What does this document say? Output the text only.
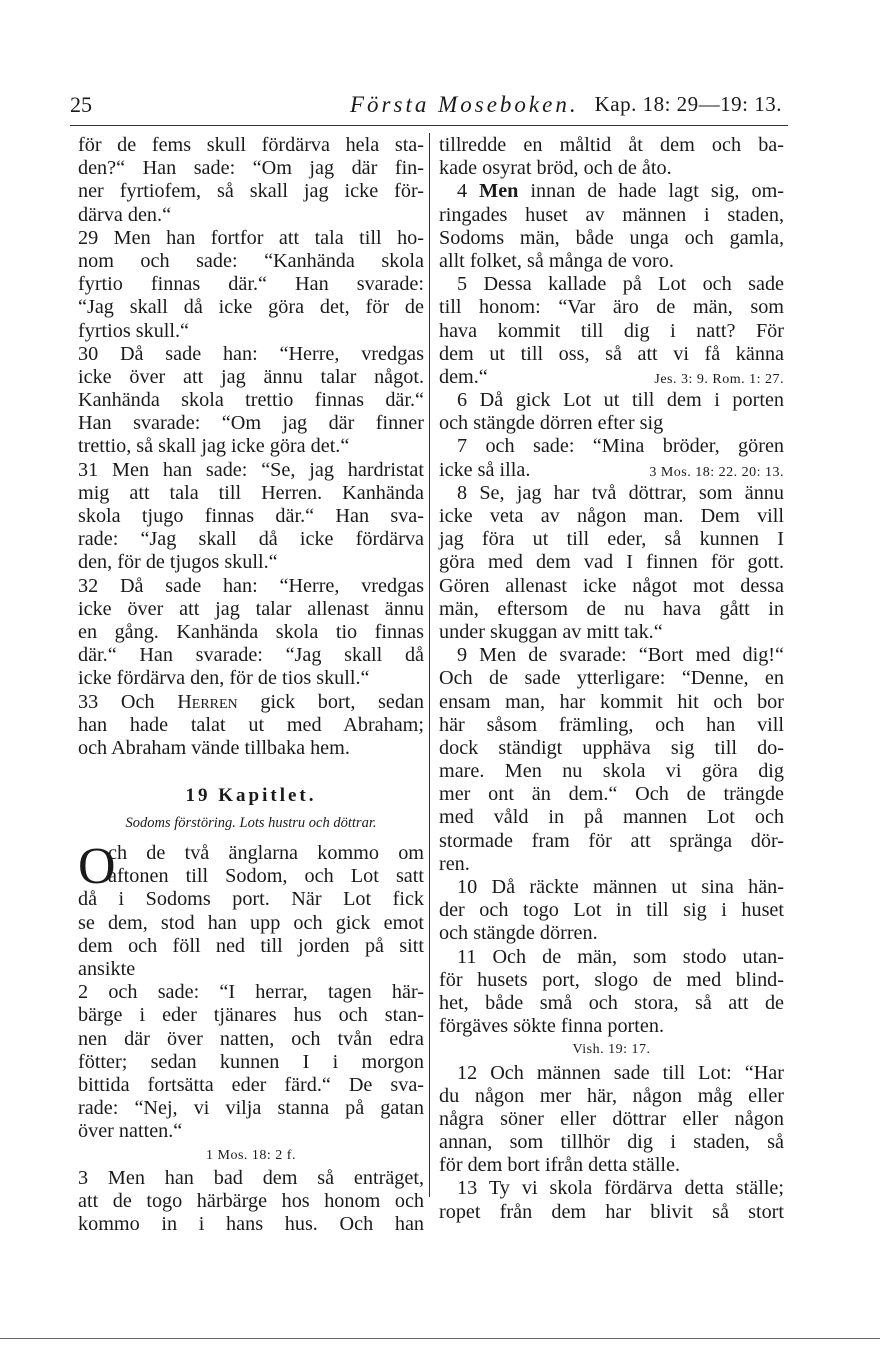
25	Första Moseboken. Kap. 18: 29—19: 13.
för de fems skull fördärva hela sta-
den?“ Han sade: “Om jag där fin-
ner fyrtiofem, så skall jag icke för-
därva den.“
29 Men han fortfor att tala till ho-
nom och sade: “Kanhända skola
fyrtio finnas där.“ Han svarade:
“Jag skall då icke göra det, för de
fyrtios skull.“
30 Då sade han: “Herre, vredgas
icke över att jag ännu talar något.
Kanhända skola trettio finnas där.“
Han svarade: “Om jag där finner
trettio, så skall jag icke göra det.“
31 Men han sade: “Se, jag hardristat
mig att tala till Herren. Kanhända
skola tjugo finnas där.“ Han sva-
rade: “Jag skall då icke fördärva
den, för de tjugos skull.“
32 Då sade han: “Herre, vredgas
icke över att jag talar allenast ännu
en gång. Kanhända skola tio finnas
där.“ Han svarade: “Jag skall då
icke fördärva den, för de tios skull.“
33 Och Herren gick bort, sedan
han hade talat ut med Abraham;
och Abraham vände tillbaka hem.
19 Kapitlet.
Sodoms förstöring. Lots hustru och döttrar.
O
ch de två änglarna kommo om
aftonen till Sodom, och Lot satt
då i Sodoms port. När Lot fick
se dem, stod han upp och gick emot
dem och föll ned till jorden på sitt
ansikte
2 och sade: “I herrar, tagen här-
bärge i eder tjänares hus och stan-
nen där över natten, och tvån edra
fötter; sedan kunnen I i morgon
bittida fortsätta eder färd.“ De sva-
rade: “Nej, vi vilja stanna på gatan
över natten.“
1 Mos. 18: 2 f.
3 Men han bad dem så enträget,
att de togo härbärge hos honom och
kommo in i hans hus. Och han
tillredde en måltid åt dem och ba-
kade osyrat bröd, och de åto.
4 Men innan de hade lagt sig, om-
ringades huset av männen i staden,
Sodoms män, både unga och gamla,
allt folket, så många de voro.
5 Dessa kallade på Lot och sade
till honom: “Var äro de män, som
hava kommit till dig i natt? För
dem ut till oss, så att vi få känna
dem.“	Jes. 3: 9. Rom. 1: 27.
6 Då gick Lot ut till dem i porten
och stängde dörren efter sig
7 och sade: “Mina bröder, gören
icke så illa.	3 Mos. 18: 22. 20: 13.
8 Se, jag har två döttrar, som ännu
icke veta av någon man. Dem vill
jag föra ut till eder, så kunnen I
göra med dem vad I finnen för gott.
Gören allenast icke något mot dessa
män, eftersom de nu hava gått in
under skuggan av mitt tak.“
9 Men de svarade: “Bort med dig!“
Och de sade ytterligare: “Denne, en
ensam man, har kommit hit och bor
här såsom främling, och han vill
dock ständigt upphäva sig till do-
mare. Men nu skola vi göra dig
mer ont än dem.“ Och de trängde
med våld in på mannen Lot och
stormade fram för att spränga dör-
ren.
10 Då räckte männen ut sina hän-
der och togo Lot in till sig i huset
och stängde dörren.
11 Och de män, som stodo utan-
för husets port, slogo de med blind-
het, både små och stora, så att de
förgäves sökte finna porten.
Vish. 19: 17.
12 Och männen sade till Lot: “Har
du någon mer här, någon måg eller
några söner eller döttrar eller någon
annan, som tillhör dig i staden, så
för dem bort ifrån detta ställe.
13 Ty vi skola fördärva detta ställe;
ropet från dem har blivit så stort
